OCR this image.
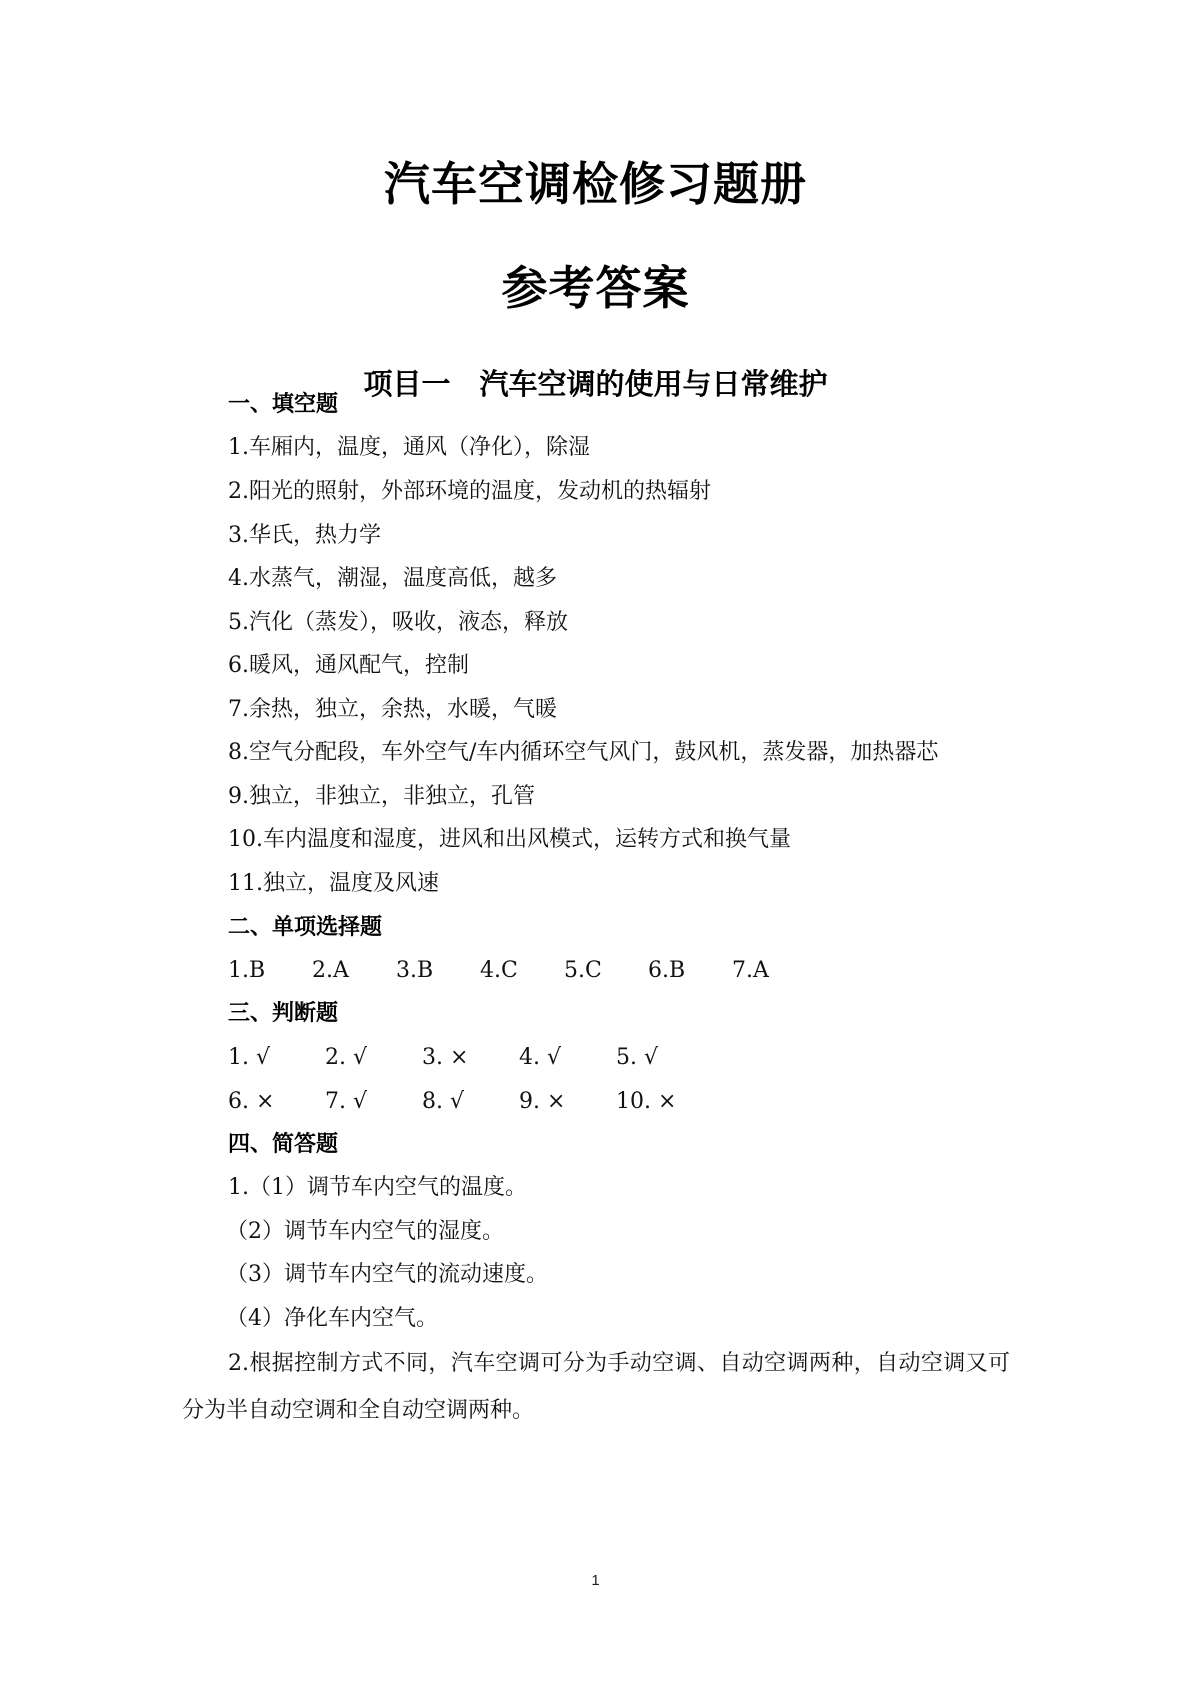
汽车空调检修习题册
参考答案
项目一　汽车空调的使用与日常维护
一、填空题
1.车厢内，温度，通风（净化），除湿
2.阳光的照射，外部环境的温度，发动机的热辐射
3.华氏，热力学
4.水蒸气，潮湿，温度高低，越多
5.汽化（蒸发），吸收，液态，释放
6.暖风，通风配气，控制
7.余热，独立，余热，水暖，气暖
8.空气分配段，车外空气/车内循环空气风门，鼓风机，蒸发器，加热器芯
9.独立，非独立，非独立，孔管
10.车内温度和湿度，进风和出风模式，运转方式和换气量
11.独立，温度及风速
二、单项选择题
1.B 2.A 3.B 4.C 5.C 6.B 7.A
三、判断题
1. √ 2. √ 3. × 4. √ 5. √
6. × 7. √ 8. √ 9. × 10. ×
四、简答题
1.（1）调节车内空气的温度。
（2）调节车内空气的湿度。
（3）调节车内空气的流动速度。
（4）净化车内空气。
2.根据控制方式不同，汽车空调可分为手动空调、自动空调两种，自动空调又可分为半自动空调和全自动空调两种。
1
